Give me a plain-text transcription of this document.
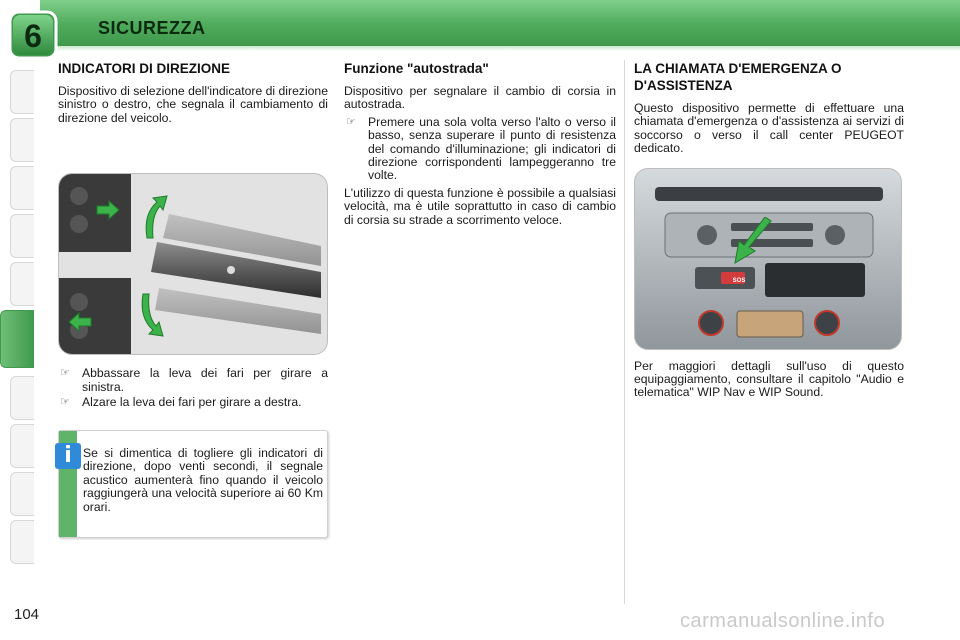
6	SICUREZZA
INDICATORI DI DIREZIONE

Dispositivo di selezione dell'indicatore di direzione sinistro o destro, che segnala il cambiamento di direzione del veicolo.

☞ Abbassare la leva dei fari per girare a sinistra.
☞ Alzare la leva dei fari per girare a destra.
i Se si dimentica di togliere gli indicatori di direzione, dopo venti secondi, il segnale acustico aumenterà fino quando il veicolo raggiungerà una velocità superiore ai 60 Km orari.
Funzione "autostrada"

Dispositivo per segnalare il cambio di corsia in autostrada.

☞ Premere una sola volta verso l'alto o verso il basso, senza superare il punto di resistenza del comando d'illuminazione; gli indicatori di direzione corrispondenti lampeggeranno tre volte.

L'utilizzo di questa funzione è possibile a qualsiasi velocità, ma è utile soprattutto in caso di cambio di corsia su strade a scorrimento veloce.

LA CHIAMATA D'EMERGENZA O D'ASSISTENZA

Questo dispositivo permette di effettuare una chiamata d'emergenza o d'assistenza ai servizi di soccorso o verso il call center PEUGEOT dedicato.

SOS

Per maggiori dettagli sull'uso di questo equipaggiamento, consultare il capitolo "Audio e telematica" WIP Nav e WIP Sound.

104	carmanualsonline.info
